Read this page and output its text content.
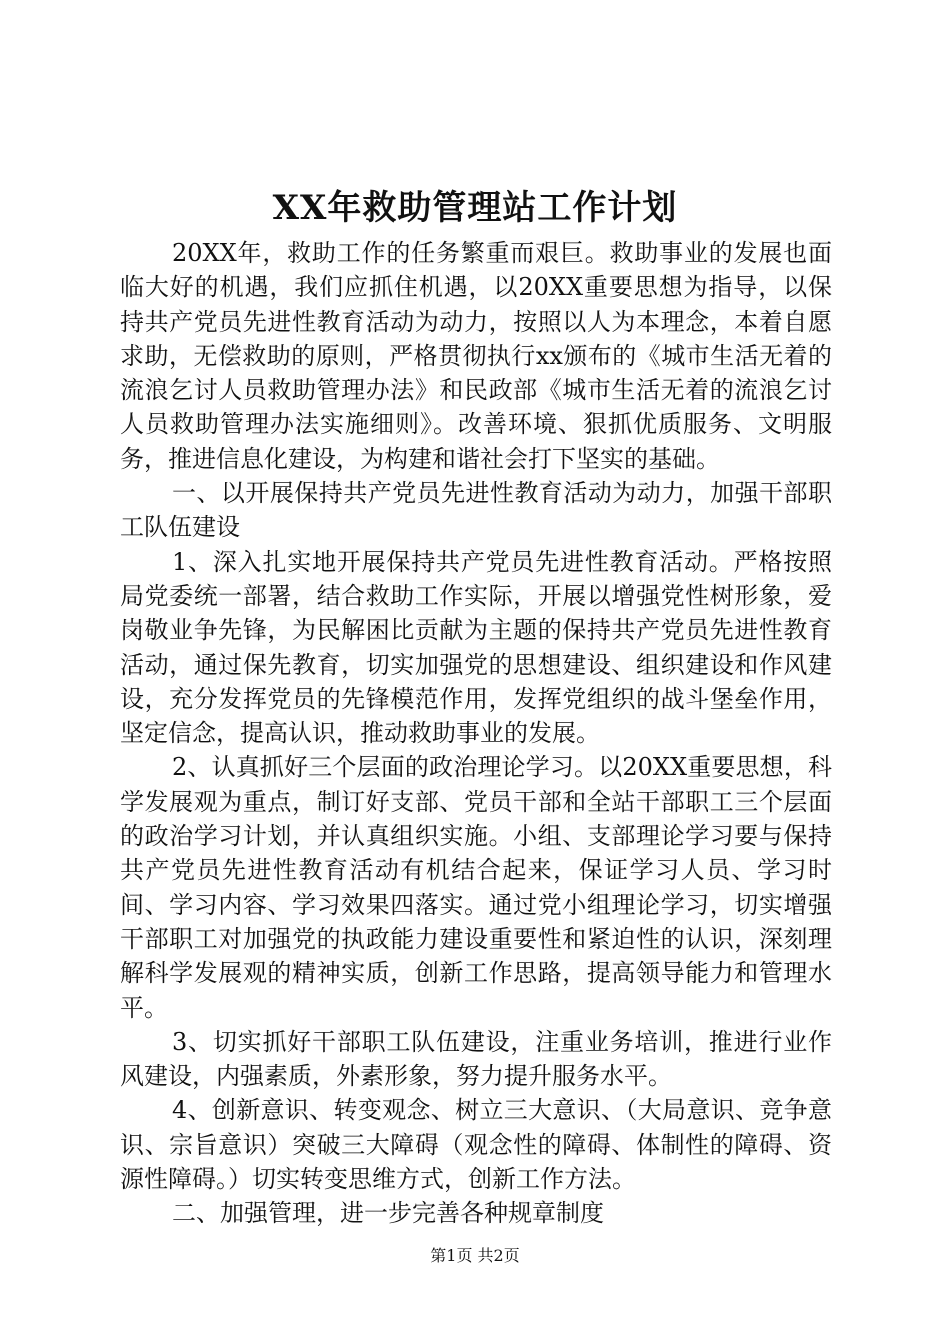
XX年救助管理站工作计划

20XX年，救助工作的任务繁重而艰巨。救助事业的发展也面临大好的机遇，我们应抓住机遇，以20XX重要思想为指导，以保持共产党员先进性教育活动为动力，按照以人为本理念，本着自愿求助，无偿救助的原则，严格贯彻执行xx颁布的《城市生活无着的流浪乞讨人员救助管理办法》和民政部《城市生活无着的流浪乞讨人员救助管理办法实施细则》。改善环境、狠抓优质服务、文明服务，推进信息化建设，为构建和谐社会打下坚实的基础。

一、以开展保持共产党员先进性教育活动为动力，加强干部职工队伍建设

1、深入扎实地开展保持共产党员先进性教育活动。严格按照局党委统一部署，结合救助工作实际，开展以增强党性树形象，爱岗敬业争先锋，为民解困比贡献为主题的保持共产党员先进性教育活动，通过保先教育，切实加强党的思想建设、组织建设和作风建设，充分发挥党员的先锋模范作用，发挥党组织的战斗堡垒作用，坚定信念，提高认识，推动救助事业的发展。

2、认真抓好三个层面的政治理论学习。以20XX重要思想，科学发展观为重点，制订好支部、党员干部和全站干部职工三个层面的政治学习计划，并认真组织实施。小组、支部理论学习要与保持共产党员先进性教育活动有机结合起来，保证学习人员、学习时间、学习内容、学习效果四落实。通过党小组理论学习，切实增强干部职工对加强党的执政能力建设重要性和紧迫性的认识，深刻理解科学发展观的精神实质，创新工作思路，提高领导能力和管理水平。

3、切实抓好干部职工队伍建设，注重业务培训，推进行业作风建设，内强素质，外素形象，努力提升服务水平。

4、创新意识、转变观念、树立三大意识、（大局意识、竞争意识、宗旨意识）突破三大障碍（观念性的障碍、体制性的障碍、资源性障碍。）切实转变思维方式，创新工作方法。

二、加强管理，进一步完善各种规章制度

第1页 共2页
